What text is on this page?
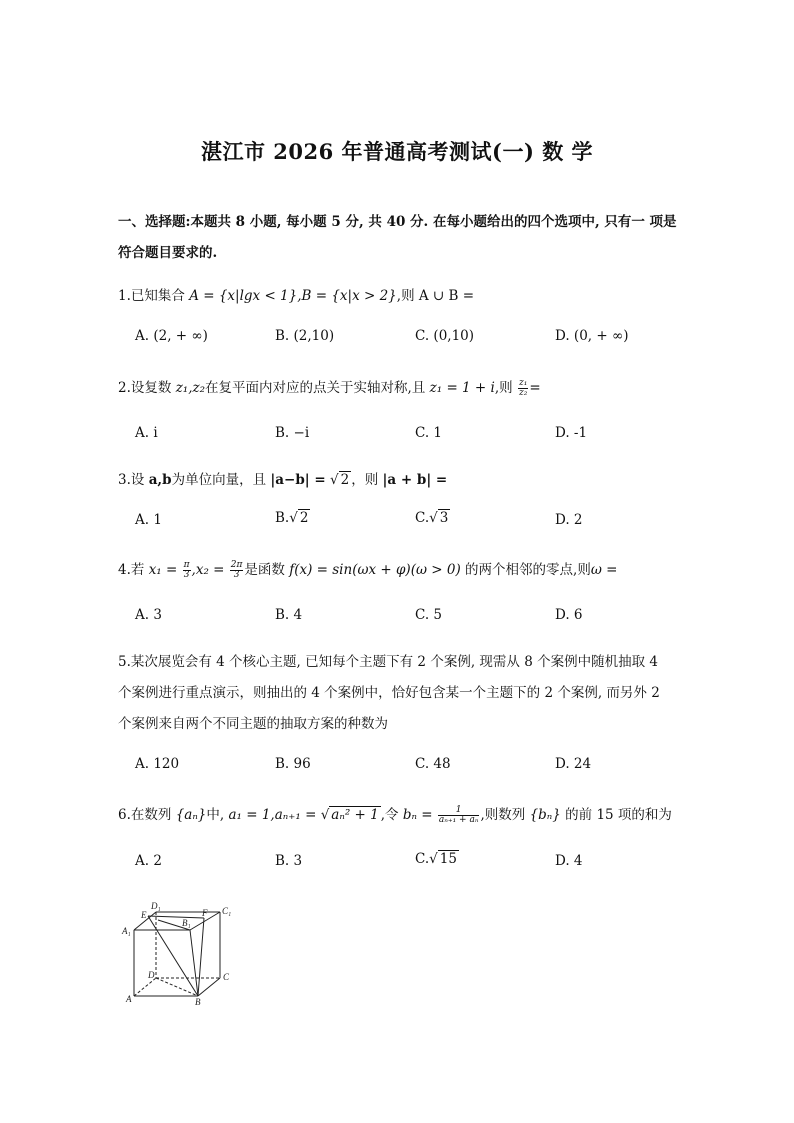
湛江市 2026 年普通高考测试(一) 数 学
一、选择题:本题共 8 小题, 每小题 5 分, 共 40 分. 在每小题给出的四个选项中, 只有一 项是
符合题目要求的.
1.已知集合 A = {x|lgx < 1},B = {x|x > 2},则 A ∪ B =
A. (2, + ∞)	B. (2,10)	C. (0,10)	D. (0, + ∞)
2.设复数 z₁,z₂在复平面内对应的点关于实轴对称,且 z₁ = 1 + i,则 $\frac{\text{z₁}}{\text{z₂}}$ =
A. i	B. −i	C. 1	D. -1
3.设 a,b为单位向量，且 |a−b| = √ 2 ，则 |a + b| =
A. 1	B.√ 2	C.√ 3	D. 2
4.若 $x_1 = \frac{\pi}{3} ,x_2 = \frac{2\pi}{3}$ 是函数 f(x) = sin(ωx + φ)(ω > 0) 的两个相邻的零点,则ω =
A. 3	B. 4	C. 5	D. 6
5.某次展览会有 4 个核心主题, 已知每个主题下有 2 个案例, 现需从 8 个案例中随机抽取 4
个案例进行重点演示，则抽出的 4 个案例中，恰好包含某一个主题下的 2 个案例, 而另外 2
个案例来自两个不同主题的抽取方案的种数为
A. 120	B. 96	C. 48	D. 24
6.在数列 {aₙ}中, a₁ = 1,aₙ₊₁ = √ aₙ² + 1 ,令 $b_n = \frac{1}{\text{aₙ₊₁ + aₙ}}$ ,则数列 {bₙ} 的前 15 项的和为
A. 2	B. 3	C.√ 15	D. 4
D₁
E	F C₁
B₁
A₁
D	C
A	B
